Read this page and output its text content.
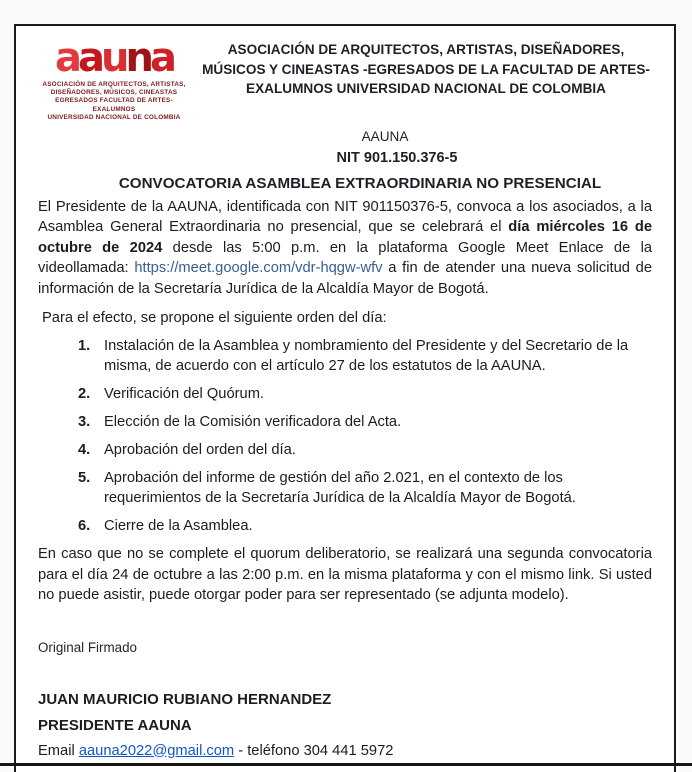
aauna
ASOCIACIÓN DE ARQUITECTOS, ARTISTAS,
DISEÑADORES, MÚSICOS, CINEASTAS
EGRESADOS FACULTAD DE ARTES-EXALUMNOS
UNIVERSIDAD NACIONAL DE COLOMBIA
ASOCIACIÓN DE ARQUITECTOS, ARTISTAS, DISEÑADORES, MÚSICOS Y CINEASTAS -EGRESADOS DE LA FACULTAD DE ARTES- EXALUMNOS UNIVERSIDAD NACIONAL DE COLOMBIA
AAUNA
NIT 901.150.376-5
CONVOCATORIA ASAMBLEA EXTRAORDINARIA NO PRESENCIAL

El Presidente de la AAUNA, identificada con NIT 901150376-5, convoca a los asociados, a la Asamblea General Extraordinaria no presencial, que se celebrará el día miércoles 16 de octubre de 2024 desde las 5:00 p.m. en la plataforma Google Meet Enlace de la videollamada: https://meet.google.com/vdr-hqgw-wfv a fin de atender una nueva solicitud de información de la Secretaría Jurídica de la Alcaldía Mayor de Bogotá.

Para el efecto, se propone el siguiente orden del día:
1. Instalación de la Asamblea y nombramiento del Presidente y del Secretario de la misma, de acuerdo con el artículo 27 de los estatutos de la AAUNA.
2. Verificación del Quórum.
3. Elección de la Comisión verificadora del Acta.
4. Aprobación del orden del día.
5. Aprobación del informe de gestión del año 2.021, en el contexto de los requerimientos de la Secretaría Jurídica de la Alcaldía Mayor de Bogotá.
6. Cierre de la Asamblea.

En caso que no se complete el quorum deliberatorio, se realizará una segunda convocatoria para el día 24 de octubre a las 2:00 p.m. en la misma plataforma y con el mismo link. Si usted no puede asistir, puede otorgar poder para ser representado (se adjunta modelo).

Original Firmado
JUAN MAURICIO RUBIANO HERNANDEZ
PRESIDENTE AAUNA
Email aauna2022@gmail.com - teléfono 304 441 5972
